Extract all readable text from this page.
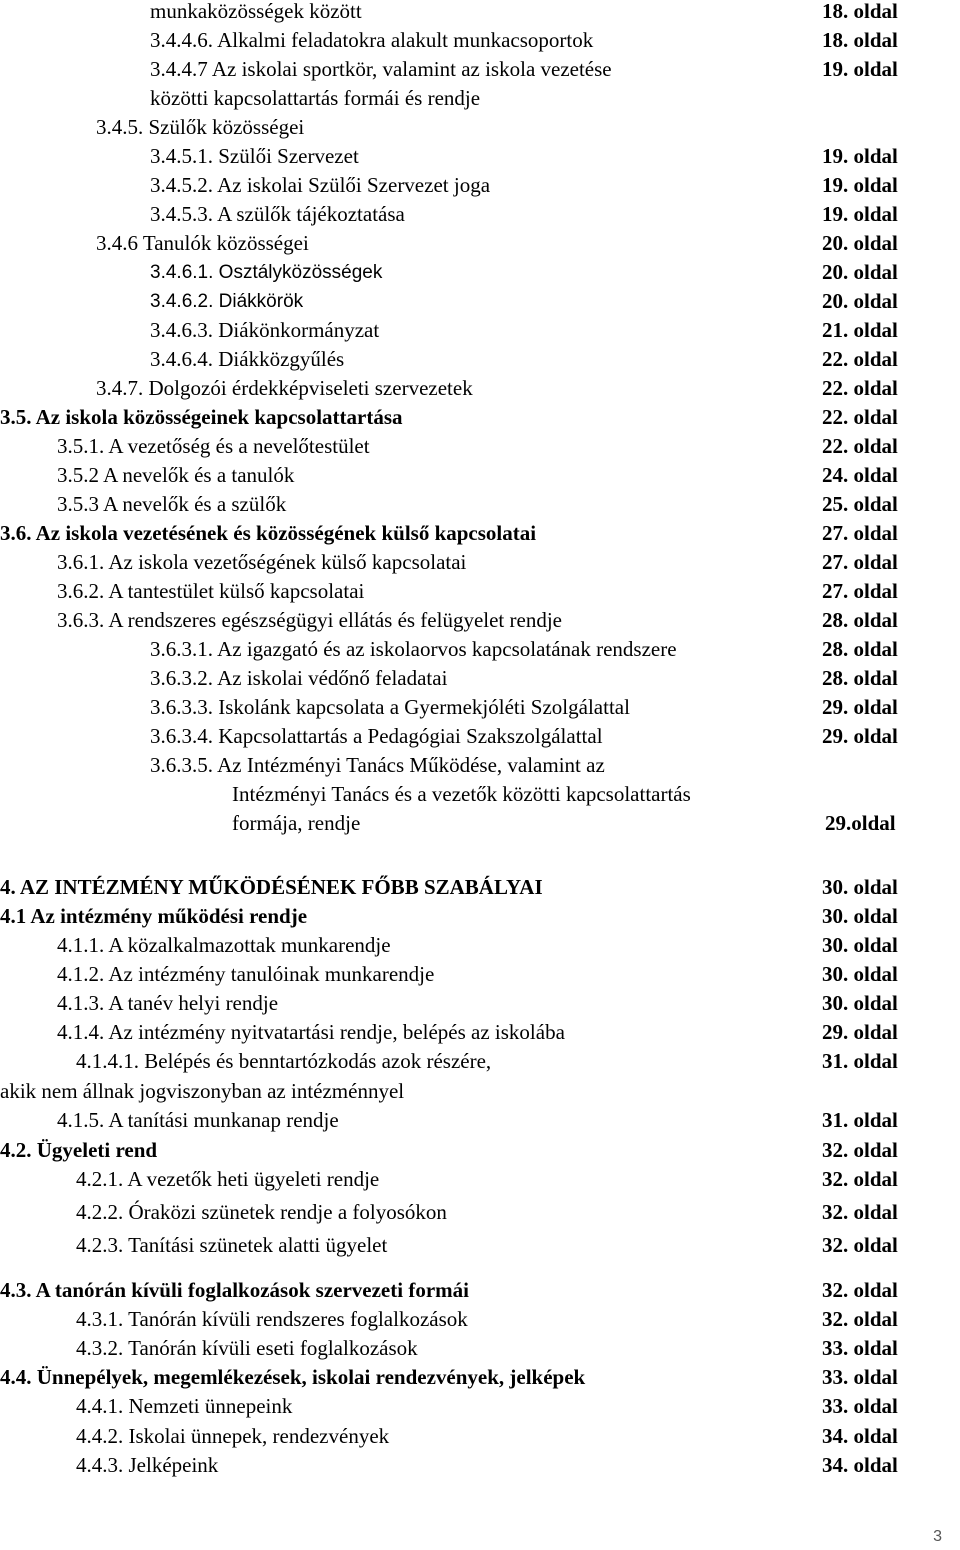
munkaközösségek között	18. oldal
3.4.4.6. Alkalmi feladatokra alakult munkacsoportok	18. oldal
3.4.4.7 Az iskolai sportkör, valamint az iskola vezetése	19. oldal
közötti kapcsolattartás formái és rendje
3.4.5. Szülők közösségei
3.4.5.1. Szülői Szervezet	19. oldal
3.4.5.2. Az iskolai Szülői Szervezet joga	19. oldal
3.4.5.3. A szülők tájékoztatása	19. oldal
3.4.6 Tanulók közösségei	20. oldal
3.4.6.1. Osztályközösségek	20. oldal
3.4.6.2. Diákkörök	20. oldal
3.4.6.3. Diákönkormányzat	21. oldal
3.4.6.4. Diákközgyűlés	22. oldal
3.4.7. Dolgozói érdekképviseleti szervezetek	22. oldal
3.5. Az iskola közösségeinek kapcsolattartása	22. oldal
3.5.1. A vezetőség és a nevelőtestület	22. oldal
3.5.2 A nevelők és a tanulók	24. oldal
3.5.3 A nevelők és a szülők	25. oldal
3.6. Az iskola vezetésének és közösségének külső kapcsolatai	27. oldal
3.6.1. Az iskola vezetőségének külső kapcsolatai	27. oldal
3.6.2. A tantestület külső kapcsolatai	27. oldal
3.6.3. A rendszeres egészségügyi ellátás és felügyelet rendje	28. oldal
3.6.3.1. Az igazgató és az iskolaorvos kapcsolatának rendszere	28. oldal
3.6.3.2. Az iskolai védőnő feladatai	28. oldal
3.6.3.3. Iskolánk kapcsolata a Gyermekjóléti Szolgálattal	29. oldal
3.6.3.4. Kapcsolattartás a Pedagógiai Szakszolgálattal	29. oldal
3.6.3.5. Az Intézményi Tanács Működése, valamint az
Intézményi Tanács és a vezetők közötti kapcsolattartás
formája, rendje	29.oldal
4. AZ INTÉZMÉNY MŰKÖDÉSÉNEK FŐBB SZABÁLYAI	30. oldal
4.1 Az intézmény működési rendje	30. oldal
4.1.1. A közalkalmazottak munkarendje	30. oldal
4.1.2. Az intézmény tanulóinak munkarendje	30. oldal
4.1.3. A tanév helyi rendje	30. oldal
4.1.4. Az intézmény nyitvatartási rendje, belépés az iskolába	29. oldal
4.1.4.1. Belépés és benntartózkodás azok részére,	31. oldal
akik nem állnak jogviszonyban az intézménnyel
4.1.5. A tanítási munkanap rendje	31. oldal
4.2. Ügyeleti rend	32. oldal
4.2.1. A vezetők heti ügyeleti rendje	32. oldal
4.2.2. Óraközi szünetek rendje a folyosókon	32. oldal
4.2.3. Tanítási szünetek alatti ügyelet	32. oldal
4.3. A tanórán kívüli foglalkozások szervezeti formái	32. oldal
4.3.1. Tanórán kívüli rendszeres foglalkozások	32. oldal
4.3.2. Tanórán kívüli eseti foglalkozások	33. oldal
4.4. Ünnepélyek, megemlékezések, iskolai rendezvények, jelképek	33. oldal
4.4.1. Nemzeti ünnepeink	33. oldal
4.4.2. Iskolai ünnepek, rendezvények	34. oldal
4.4.3. Jelképeink	34. oldal
3
